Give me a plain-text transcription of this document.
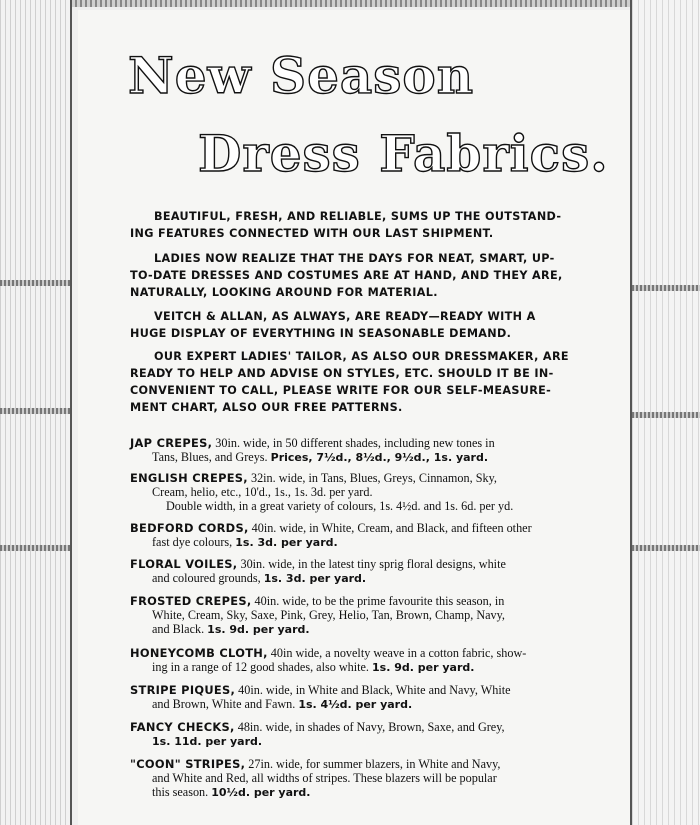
New Season
Dress Fabrics.

BEAUTIFUL, FRESH, AND RELIABLE, SUMS UP THE OUTSTAND-
ING FEATURES CONNECTED WITH OUR LAST SHIPMENT.

LADIES NOW REALIZE THAT THE DAYS FOR NEAT, SMART, UP-
TO-DATE DRESSES AND COSTUMES ARE AT HAND, AND THEY ARE,
NATURALLY, LOOKING AROUND FOR MATERIAL.

VEITCH & ALLAN, AS ALWAYS, ARE READY—READY WITH A
HUGE DISPLAY OF EVERYTHING IN SEASONABLE DEMAND.

OUR EXPERT LADIES' TAILOR, AS ALSO OUR DRESSMAKER, ARE
READY TO HELP AND ADVISE ON STYLES, ETC. SHOULD IT BE IN-
CONVENIENT TO CALL, PLEASE WRITE FOR OUR SELF-MEASURE-
MENT CHART, ALSO OUR FREE PATTERNS.

JAP CREPES, 30in. wide, in 50 different shades, including new tones in
Tans, Blues, and Greys. Prices, 7½d., 8½d., 9½d., 1s. yard.

ENGLISH CREPES, 32in. wide, in Tans, Blues, Greys, Cinnamon, Sky,
Cream, helio, etc., 10'd., 1s., 1s. 3d. per yard.
Double width, in a great variety of colours, 1s. 4½d. and 1s. 6d. per yd.

BEDFORD CORDS, 40in. wide, in White, Cream, and Black, and fifteen other
fast dye colours, 1s. 3d. per yard.

FLORAL VOILES, 30in. wide, in the latest tiny sprig floral designs, white
and coloured grounds, 1s. 3d. per yard.

FROSTED CREPES, 40in. wide, to be the prime favourite this season, in
White, Cream, Sky, Saxe, Pink, Grey, Helio, Tan, Brown, Champ, Navy,
and Black. 1s. 9d. per yard.

HONEYCOMB CLOTH, 40in wide, a novelty weave in a cotton fabric, show-
ing in a range of 12 good shades, also white. 1s. 9d. per yard.

STRIPE PIQUES, 40in. wide, in White and Black, White and Navy, White
and Brown, White and Fawn. 1s. 4½d. per yard.

FANCY CHECKS, 48in. wide, in shades of Navy, Brown, Saxe, and Grey,
1s. 11d. per yard.

"COON" STRIPES, 27in. wide, for summer blazers, in White and Navy,
and White and Red, all widths of stripes. These blazers will be popular
this season. 10½d. per yard.
